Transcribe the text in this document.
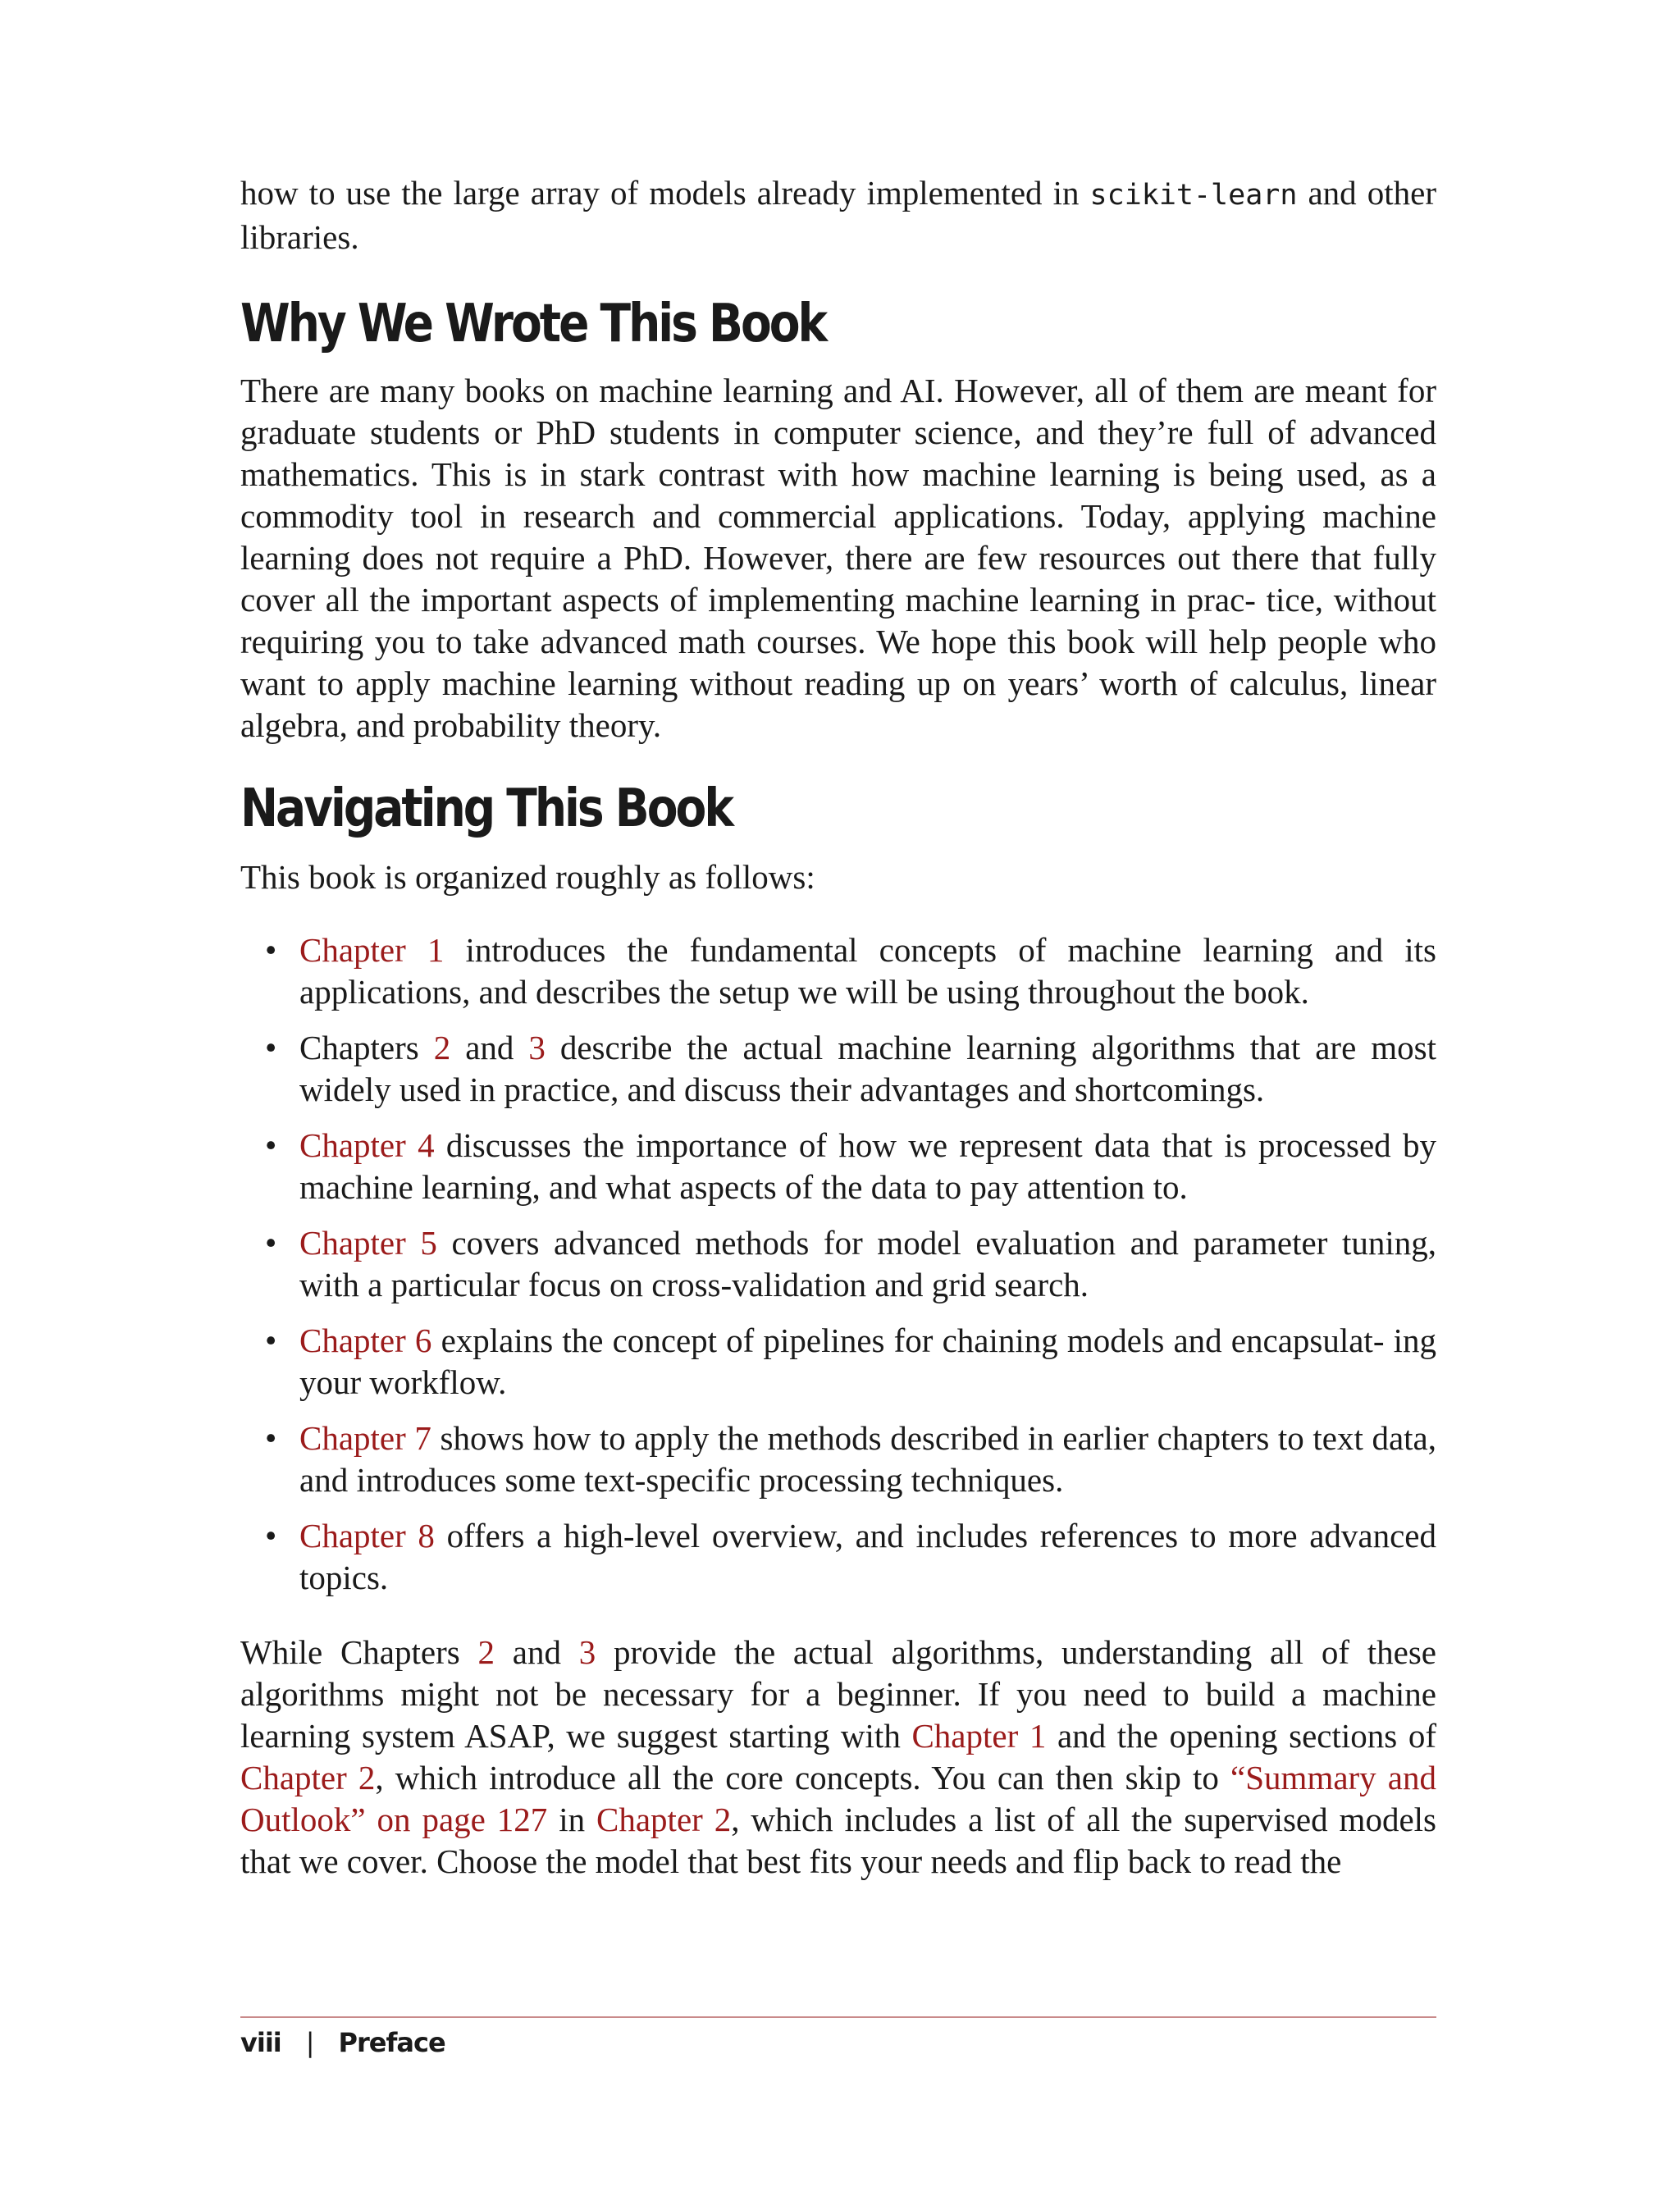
how to use the large array of models already implemented in scikit-learn and other libraries.

Why We Wrote This Book

There are many books on machine learning and AI. However, all of them are meant for graduate students or PhD students in computer science, and they’re full of advanced mathematics. This is in stark contrast with how machine learning is being used, as a commodity tool in research and commercial applications. Today, applying machine learning does not require a PhD. However, there are few resources out there that fully cover all the important aspects of implementing machine learning in prac‐ tice, without requiring you to take advanced math courses. We hope this book will help people who want to apply machine learning without reading up on years’ worth of calculus, linear algebra, and probability theory.

Navigating This Book

This book is organized roughly as follows:

• Chapter 1 introduces the fundamental concepts of machine learning and its applications, and describes the setup we will be using throughout the book.
• Chapters 2 and 3 describe the actual machine learning algorithms that are most widely used in practice, and discuss their advantages and shortcomings.
• Chapter 4 discusses the importance of how we represent data that is processed by machine learning, and what aspects of the data to pay attention to.
• Chapter 5 covers advanced methods for model evaluation and parameter tuning, with a particular focus on cross-validation and grid search.
• Chapter 6 explains the concept of pipelines for chaining models and encapsulat‐ ing your workflow.
• Chapter 7 shows how to apply the methods described in earlier chapters to text data, and introduces some text-specific processing techniques.
• Chapter 8 offers a high-level overview, and includes references to more advanced topics.

While Chapters 2 and 3 provide the actual algorithms, understanding all of these algorithms might not be necessary for a beginner. If you need to build a machine learning system ASAP, we suggest starting with Chapter 1 and the opening sections of Chapter 2, which introduce all the core concepts. You can then skip to “Summary and Outlook” on page 127 in Chapter 2, which includes a list of all the supervised models that we cover. Choose the model that best fits your needs and flip back to read the

viii | Preface
